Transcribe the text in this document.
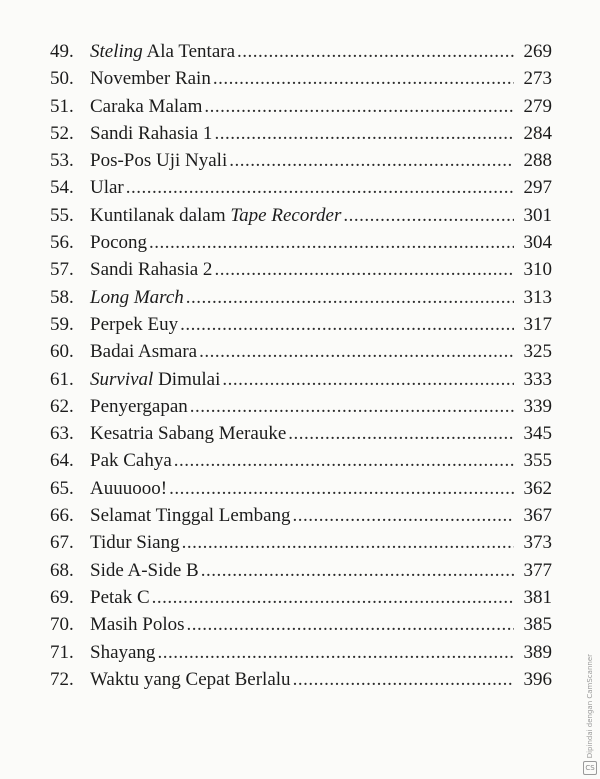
49. Steling Ala Tentara .....	269
50. November Rain .....	273
51. Caraka Malam .....	279
52. Sandi Rahasia 1 .....	284
53. Pos-Pos Uji Nyali .....	288
54. Ular .....	297
55. Kuntilanak dalam Tape Recorder .....	301
56. Pocong .....	304
57. Sandi Rahasia 2 .....	310
58. Long March .....	313
59. Perpek Euy .....	317
60. Badai Asmara .....	325
61. Survival Dimulai .....	333
62. Penyergapan .....	339
63. Kesatria Sabang Merauke .....	345
64. Pak Cahya .....	355
65. Auuuooo! .....	362
66. Selamat Tinggal Lembang .....	367
67. Tidur Siang .....	373
68. Side A-Side B .....	377
69. Petak C .....	381
70. Masih Polos .....	385
71. Shayang .....	389
72. Waktu yang Cepat Berlalu .....	396
CS
Dipindai dengan CamScanner
